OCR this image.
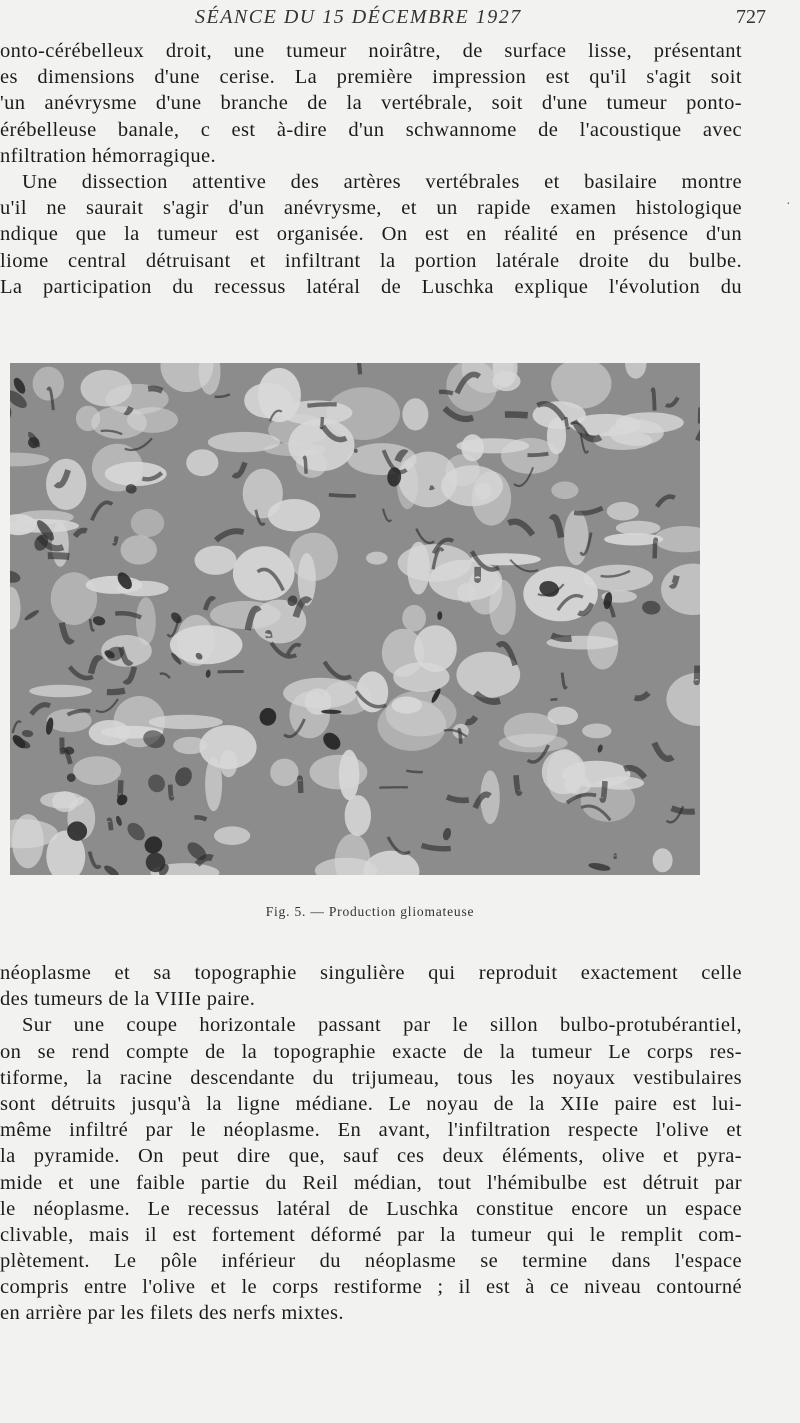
SÉANCE DU 15 DÉCEMBRE 1927	727
onto-cérébelleux droit, une tumeur noirâtre, de surface lisse, présentant
es dimensions d'une cerise. La première impression est qu'il s'agit soit
'un anévrysme d'une branche de la vertébrale, soit d'une tumeur ponto-
érébelleuse banale, c est à-dire d'un schwannome de l'acoustique avec
nfiltration hémorragique.
Une dissection attentive des artères vertébrales et basilaire montre
u'il ne saurait s'agir d'un anévrysme, et un rapide examen histologique
ndique que la tumeur est organisée. On est en réalité en présence d'un
liome central détruisant et infiltrant la portion latérale droite du bulbe.
La participation du recessus latéral de Luschka explique l'évolution du
·
Fig. 5. — Production gliomateuse
néoplasme et sa topographie singulière qui reproduit exactement celle
des tumeurs de la VIIIe paire.
Sur une coupe horizontale passant par le sillon bulbo-protubérantiel,
on se rend compte de la topographie exacte de la tumeur Le corps res-
tiforme, la racine descendante du trijumeau, tous les noyaux vestibulaires
sont détruits jusqu'à la ligne médiane. Le noyau de la XIIe paire est lui-
même infiltré par le néoplasme. En avant, l'infiltration respecte l'olive et
la pyramide. On peut dire que, sauf ces deux éléments, olive et pyra-
mide et une faible partie du Reil médian, tout l'hémibulbe est détruit par
le néoplasme. Le recessus latéral de Luschka constitue encore un espace
clivable, mais il est fortement déformé par la tumeur qui le remplit com-
plètement. Le pôle inférieur du néoplasme se termine dans l'espace
compris entre l'olive et le corps restiforme ; il est à ce niveau contourné
en arrière par les filets des nerfs mixtes.
